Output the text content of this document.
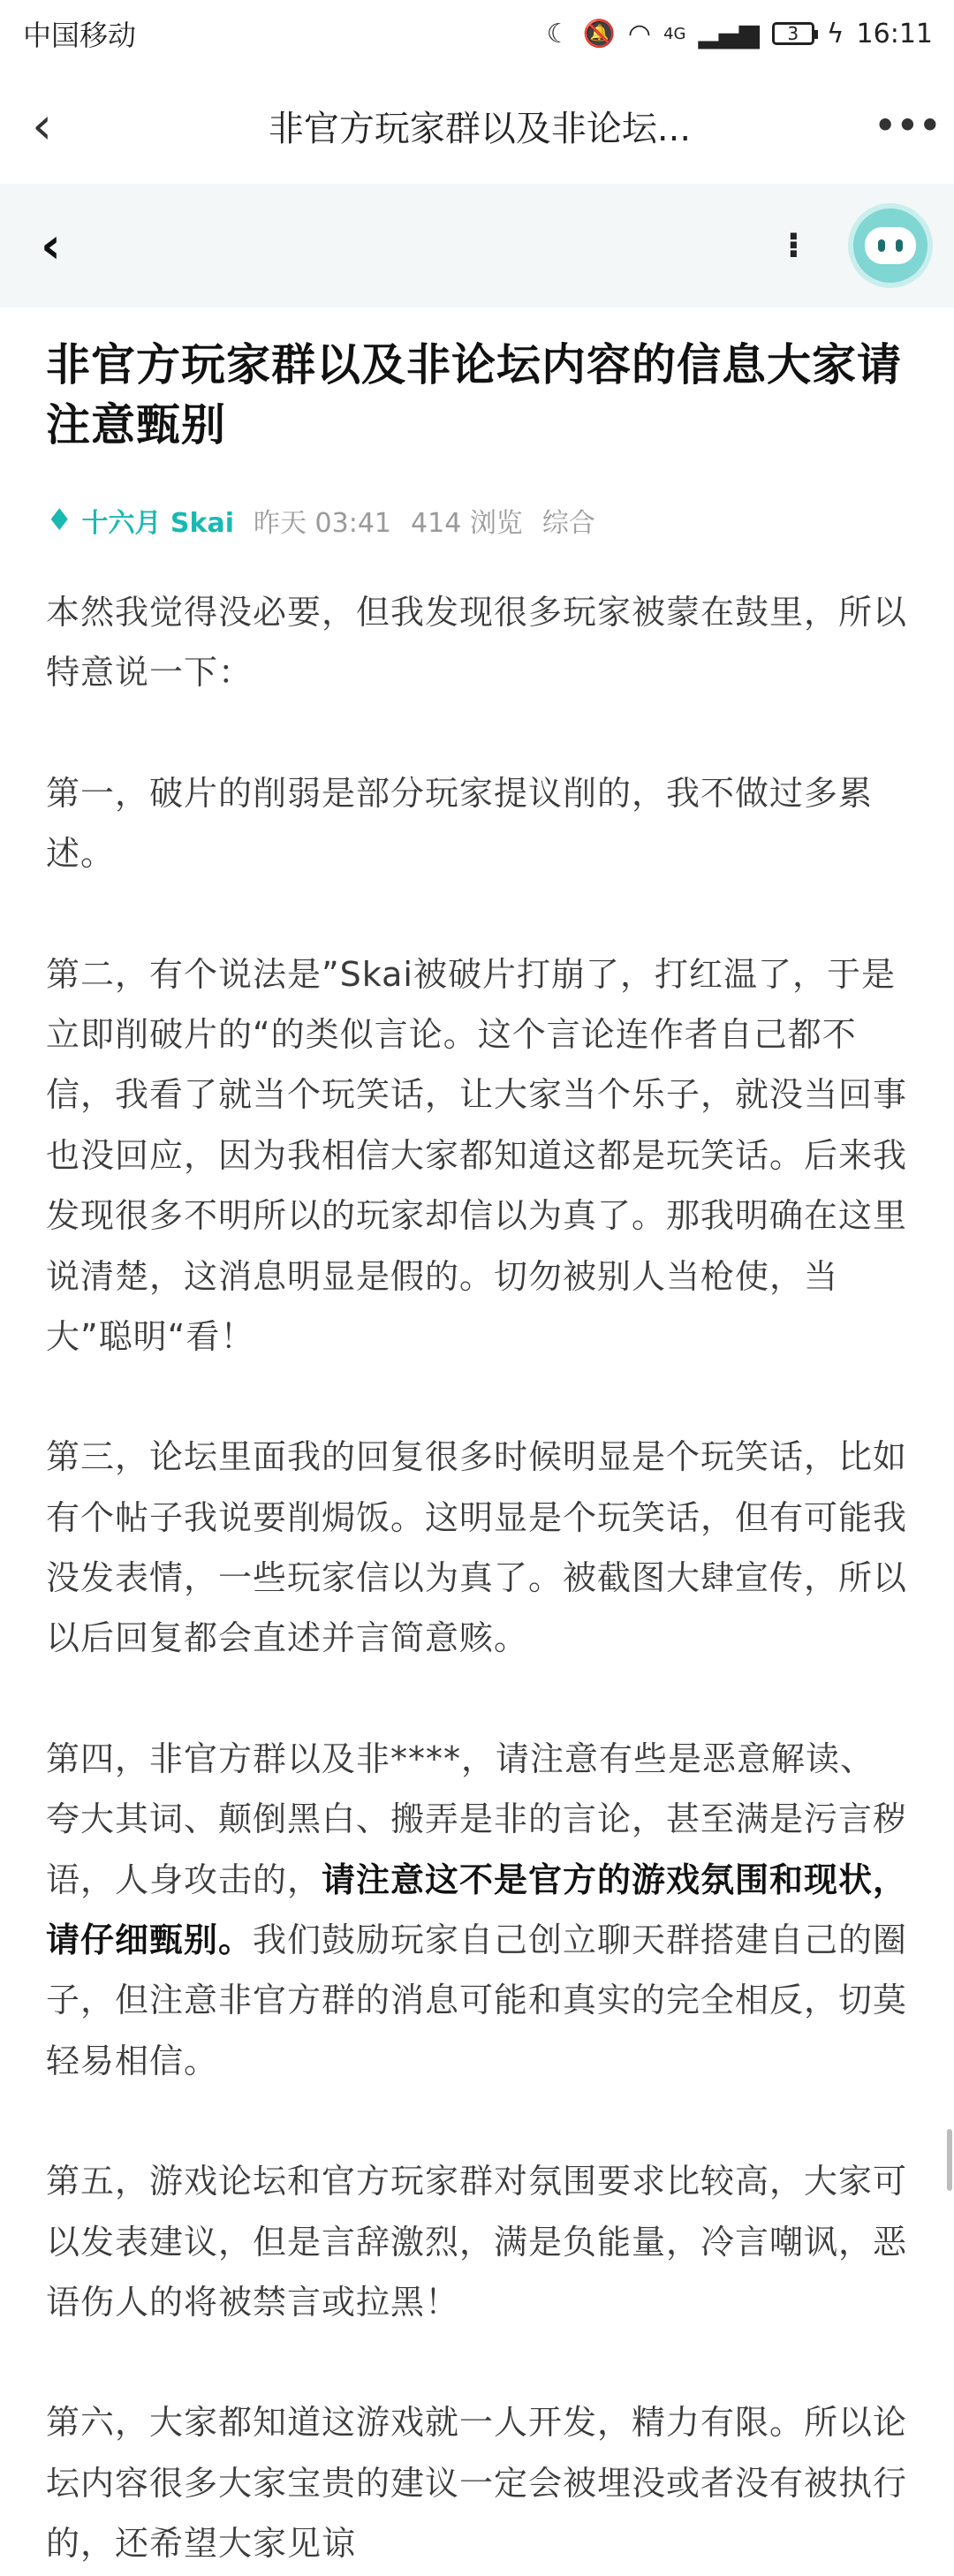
中国移动	☾ 🔕 ◠ 4G ▂▄▆ 3 ϟ 16:11
‹	非官方玩家群以及非论坛...	•••
‹	⁝
非官方玩家群以及非论坛内容的信息大家请注意甄别
♦ 十六月 Skai 昨天 03:41 414 浏览 综合

本然我觉得没必要，但我发现很多玩家被蒙在鼓里，所以特意说一下：

第一，破片的削弱是部分玩家提议削的，我不做过多累述。

第二，有个说法是”Skai被破片打崩了，打红温了，于是立即削破片的“的类似言论。这个言论连作者自己都不信，我看了就当个玩笑话，让大家当个乐子，就没当回事也没回应，因为我相信大家都知道这都是玩笑话。后来我发现很多不明所以的玩家却信以为真了。那我明确在这里说清楚，这消息明显是假的。切勿被别人当枪使，当大”聪明“看！

第三，论坛里面我的回复很多时候明显是个玩笑话，比如有个帖子我说要削焗饭。这明显是个玩笑话，但有可能我没发表情，一些玩家信以为真了。被截图大肆宣传，所以以后回复都会直述并言简意赅。

第四，非官方群以及非****，请注意有些是恶意解读、夸大其词、颠倒黑白、搬弄是非的言论，甚至满是污言秽语，人身攻击的，请注意这不是官方的游戏氛围和现状，请仔细甄别。我们鼓励玩家自己创立聊天群搭建自己的圈子，但注意非官方群的消息可能和真实的完全相反，切莫轻易相信。

第五，游戏论坛和官方玩家群对氛围要求比较高，大家可以发表建议，但是言辞激烈，满是负能量，冷言嘲讽，恶语伤人的将被禁言或拉黑！

第六，大家都知道这游戏就一人开发，精力有限。所以论坛内容很多大家宝贵的建议一定会被埋没或者没有被执行的，还希望大家见谅
